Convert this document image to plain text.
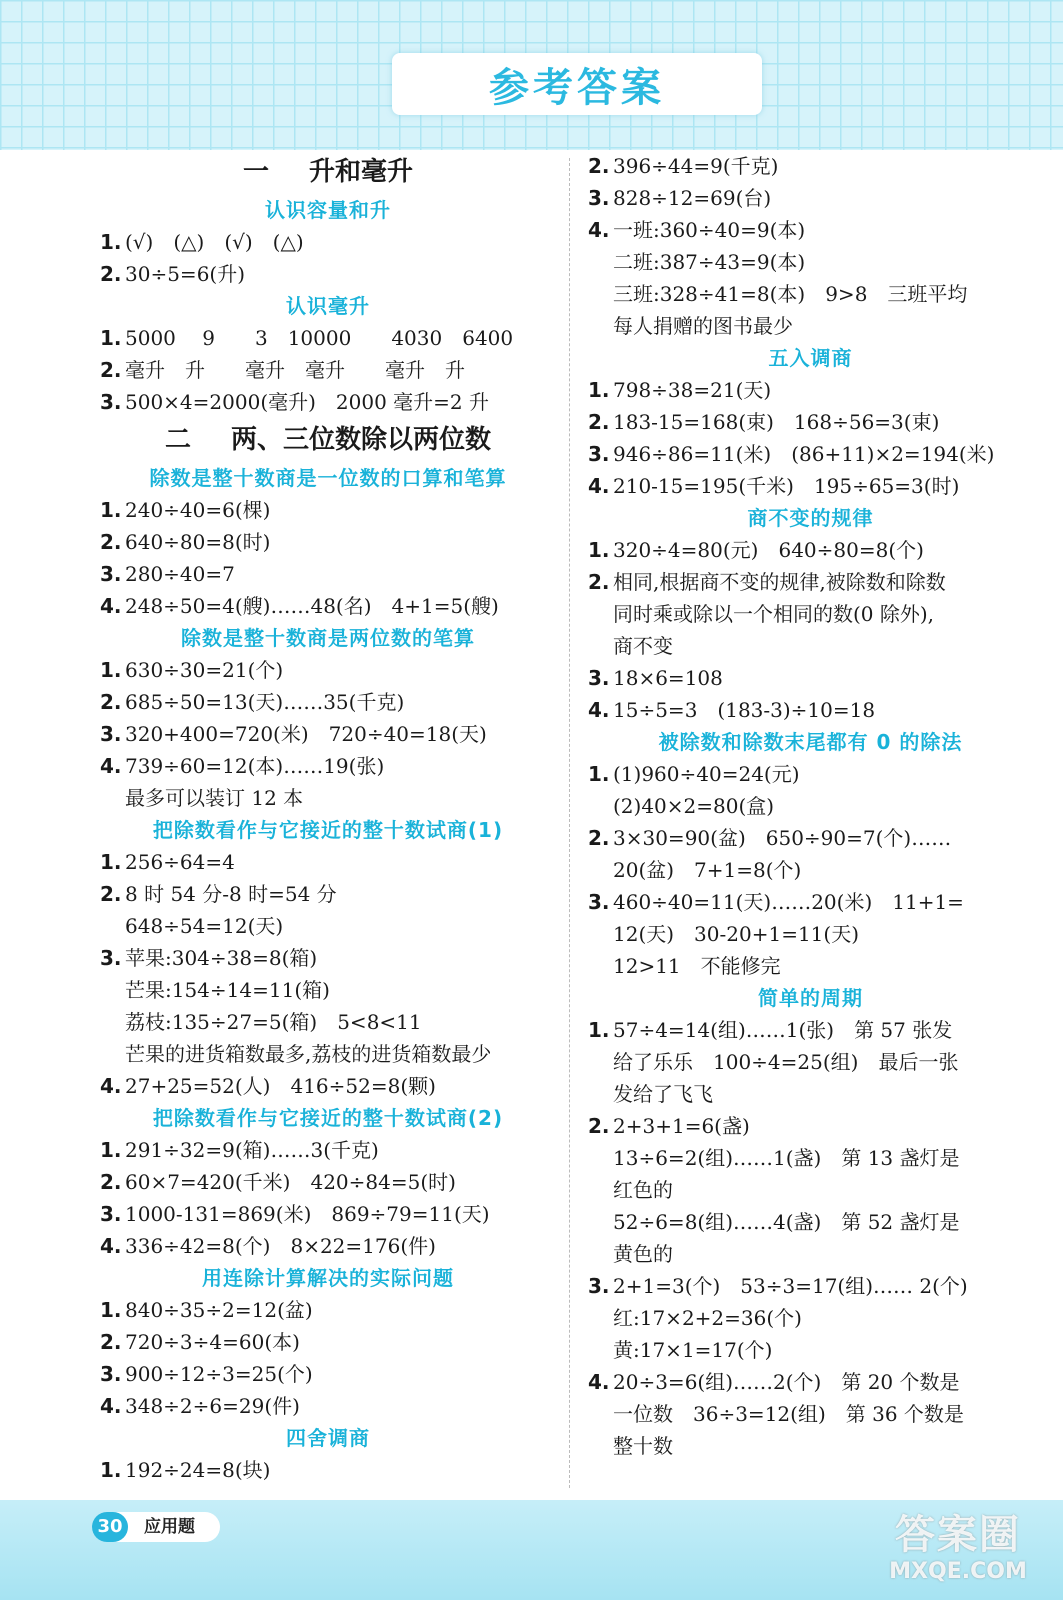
参考答案
一 升和毫升
认识容量和升
1. (√)　(△)　(√)　(△)
2. 30÷5=6(升)
认识毫升
1. 5000　 9　　3　10000　　4030　6400
2. 毫升　升　　毫升　毫升　　毫升　升
3. 500×4=2000(毫升)　2000 毫升=2 升
二 两、三位数除以两位数
除数是整十数商是一位数的口算和笔算
1. 240÷40=6(棵)
2. 640÷80=8(时)
3. 280÷40=7
4. 248÷50=4(艘)……48(名)　4+1=5(艘)
除数是整十数商是两位数的笔算
1. 630÷30=21(个)
2. 685÷50=13(天)……35(千克)
3. 320+400=720(米)　720÷40=18(天)
4. 739÷60=12(本)……19(张)
最多可以装订 12 本
把除数看作与它接近的整十数试商(1)
1. 256÷64=4
2. 8 时 54 分-8 时=54 分
648÷54=12(天)
3. 苹果:304÷38=8(箱)
芒果:154÷14=11(箱)
荔枝:135÷27=5(箱)　5<8<11
芒果的进货箱数最多,荔枝的进货箱数最少
4. 27+25=52(人)　416÷52=8(颗)
把除数看作与它接近的整十数试商(2)
1. 291÷32=9(箱)……3(千克)
2. 60×7=420(千米)　420÷84=5(时)
3. 1000-131=869(米)　869÷79=11(天)
4. 336÷42=8(个)　8×22=176(件)
用连除计算解决的实际问题
1. 840÷35÷2=12(盆)
2. 720÷3÷4=60(本)
3. 900÷12÷3=25(个)
4. 348÷2÷6=29(件)
四舍调商
1. 192÷24=8(块)
2. 396÷44=9(千克)
3. 828÷12=69(台)
4. 一班:360÷40=9(本)
二班:387÷43=9(本)
三班:328÷41=8(本)　9>8　三班平均
每人捐赠的图书最少
五入调商
1. 798÷38=21(天)
2. 183-15=168(束)　168÷56=3(束)
3. 946÷86=11(米)　(86+11)×2=194(米)
4. 210-15=195(千米)　195÷65=3(时)
商不变的规律
1. 320÷4=80(元)　640÷80=8(个)
2. 相同,根据商不变的规律,被除数和除数
同时乘或除以一个相同的数(0 除外),
商不变
3. 18×6=108
4. 15÷5=3　(183-3)÷10=18
被除数和除数末尾都有 0 的除法
1. (1)960÷40=24(元)
(2)40×2=80(盒)
2. 3×30=90(盆)　650÷90=7(个)……
20(盆)　7+1=8(个)
3. 460÷40=11(天)……20(米)　11+1=
12(天)　30-20+1=11(天)
12>11　不能修完
简单的周期
1. 57÷4=14(组)……1(张)　第 57 张发
给了乐乐　100÷4=25(组)　最后一张
发给了飞飞
2. 2+3+1=6(盏)
13÷6=2(组)……1(盏)　第 13 盏灯是
红色的
52÷6=8(组)……4(盏)　第 52 盏灯是
黄色的
3. 2+1=3(个)　53÷3=17(组)…… 2(个)
红:17×2+2=36(个)
黄:17×1=17(个)
4. 20÷3=6(组)……2(个)　第 20 个数是
一位数　36÷3=12(组)　第 36 个数是
整十数
30	应用题	答案圈
MXQE.COM
